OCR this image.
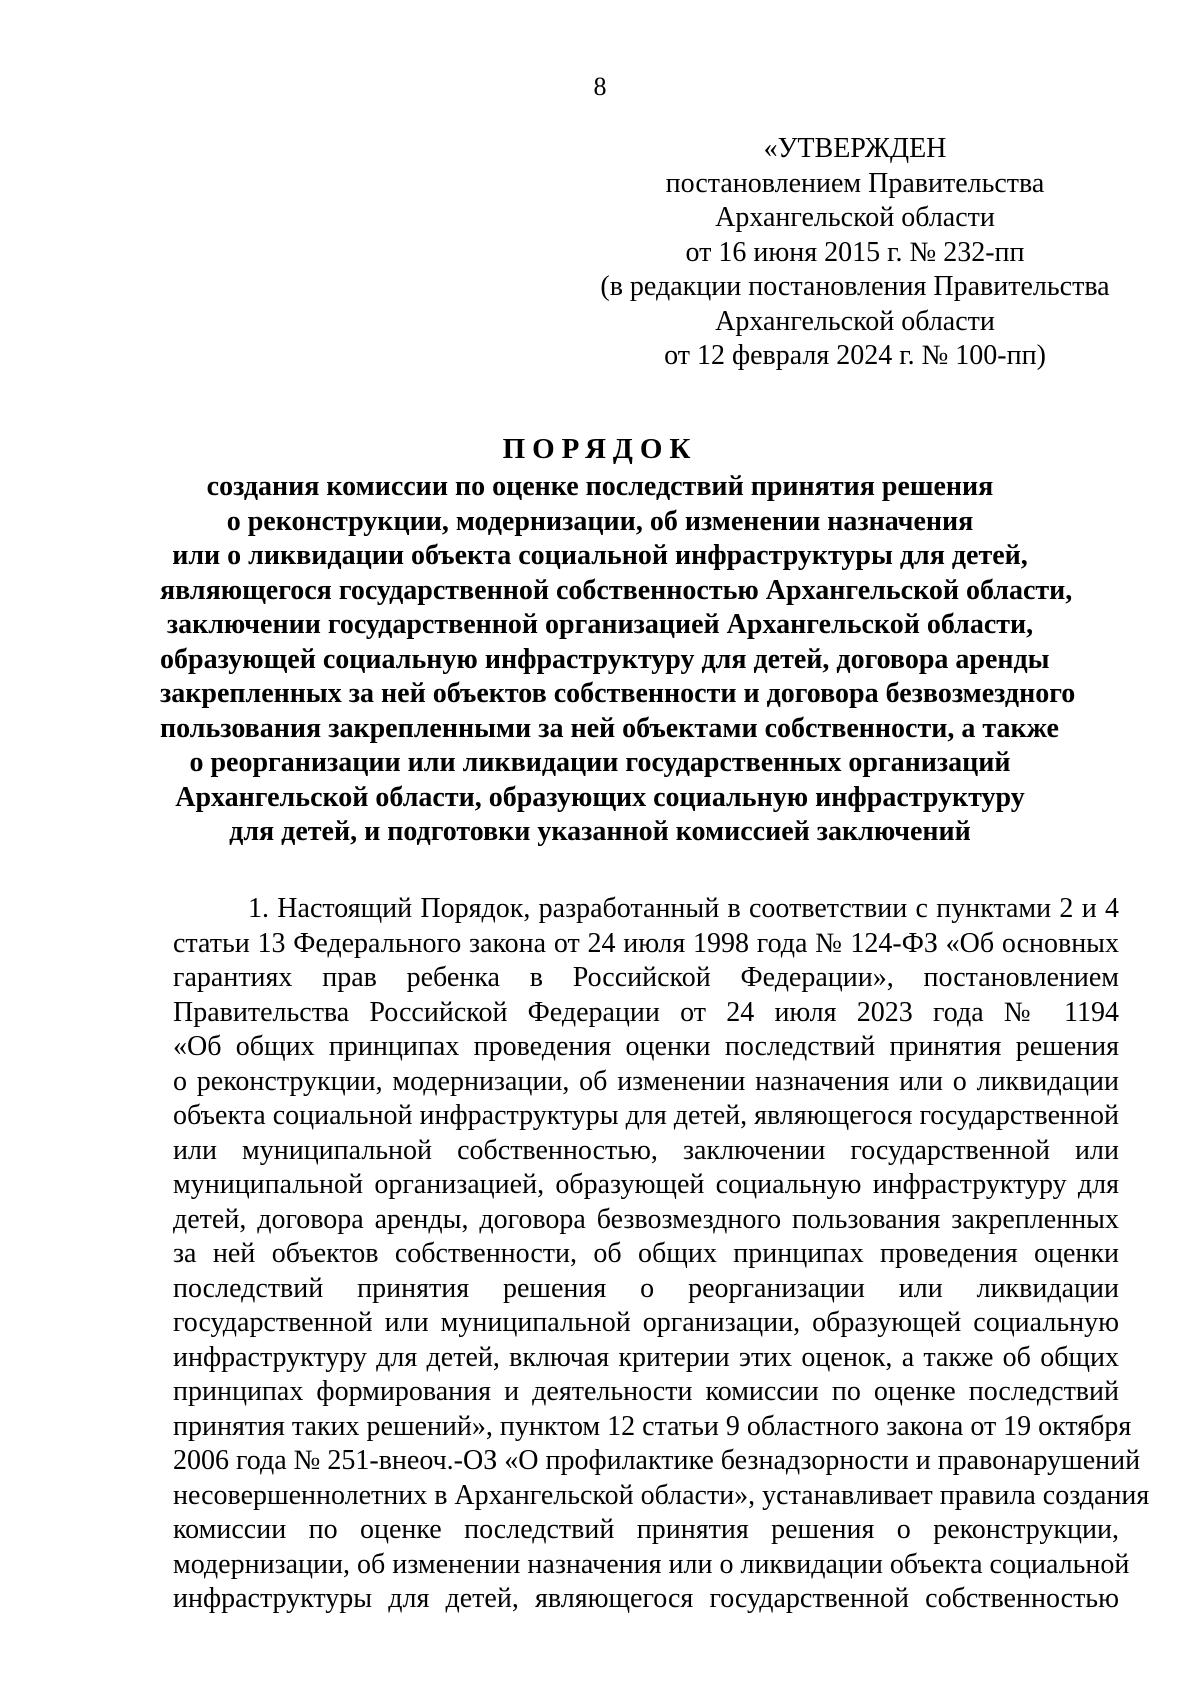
8
«УТВЕРЖДЕН
постановлением Правительства
Архангельской области
от 16 июня 2015 г. № 232-пп
(в редакции постановления Правительства
Архангельской области
от 12 февраля 2024 г. № 100-пп)
ПОРЯДОК
создания комиссии по оценке последствий принятия решения
о реконструкции, модернизации, об изменении назначения
или о ликвидации объекта социальной инфраструктуры для детей,
являющегося государственной собственностью Архангельской области,
заключении государственной организацией Архангельской области,
образующей социальную инфраструктуру для детей, договора аренды
закрепленных за ней объектов собственности и договора безвозмездного
пользования закрепленными за ней объектами собственности, а также
о реорганизации или ликвидации государственных организаций
Архангельской области, образующих социальную инфраструктуру
для детей, и подготовки указанной комиссией заключений
1. Настоящий Порядок, разработанный в соответствии с пунктами 2 и 4
статьи 13 Федерального закона от 24 июля 1998 года № 124-ФЗ «Об основных
гарантиях прав ребенка в Российской Федерации», постановлением
Правительства Российской Федерации от 24 июля 2023 года № 1194
«Об общих принципах проведения оценки последствий принятия решения
о реконструкции, модернизации, об изменении назначения или о ликвидации
объекта социальной инфраструктуры для детей, являющегося государственной
или муниципальной собственностью, заключении государственной или
муниципальной организацией, образующей социальную инфраструктуру для
детей, договора аренды, договора безвозмездного пользования закрепленных
за ней объектов собственности, об общих принципах проведения оценки
последствий принятия решения о реорганизации или ликвидации
государственной или муниципальной организации, образующей социальную
инфраструктуру для детей, включая критерии этих оценок, а также об общих
принципах формирования и деятельности комиссии по оценке последствий
принятия таких решений», пунктом 12 статьи 9 областного закона от 19 октября
2006 года № 251-внеоч.-ОЗ «О профилактике безнадзорности и правонарушений
несовершеннолетних в Архангельской области», устанавливает правила создания
комиссии по оценке последствий принятия решения о реконструкции,
модернизации, об изменении назначения или о ликвидации объекта социальной
инфраструктуры для детей, являющегося государственной собственностью
